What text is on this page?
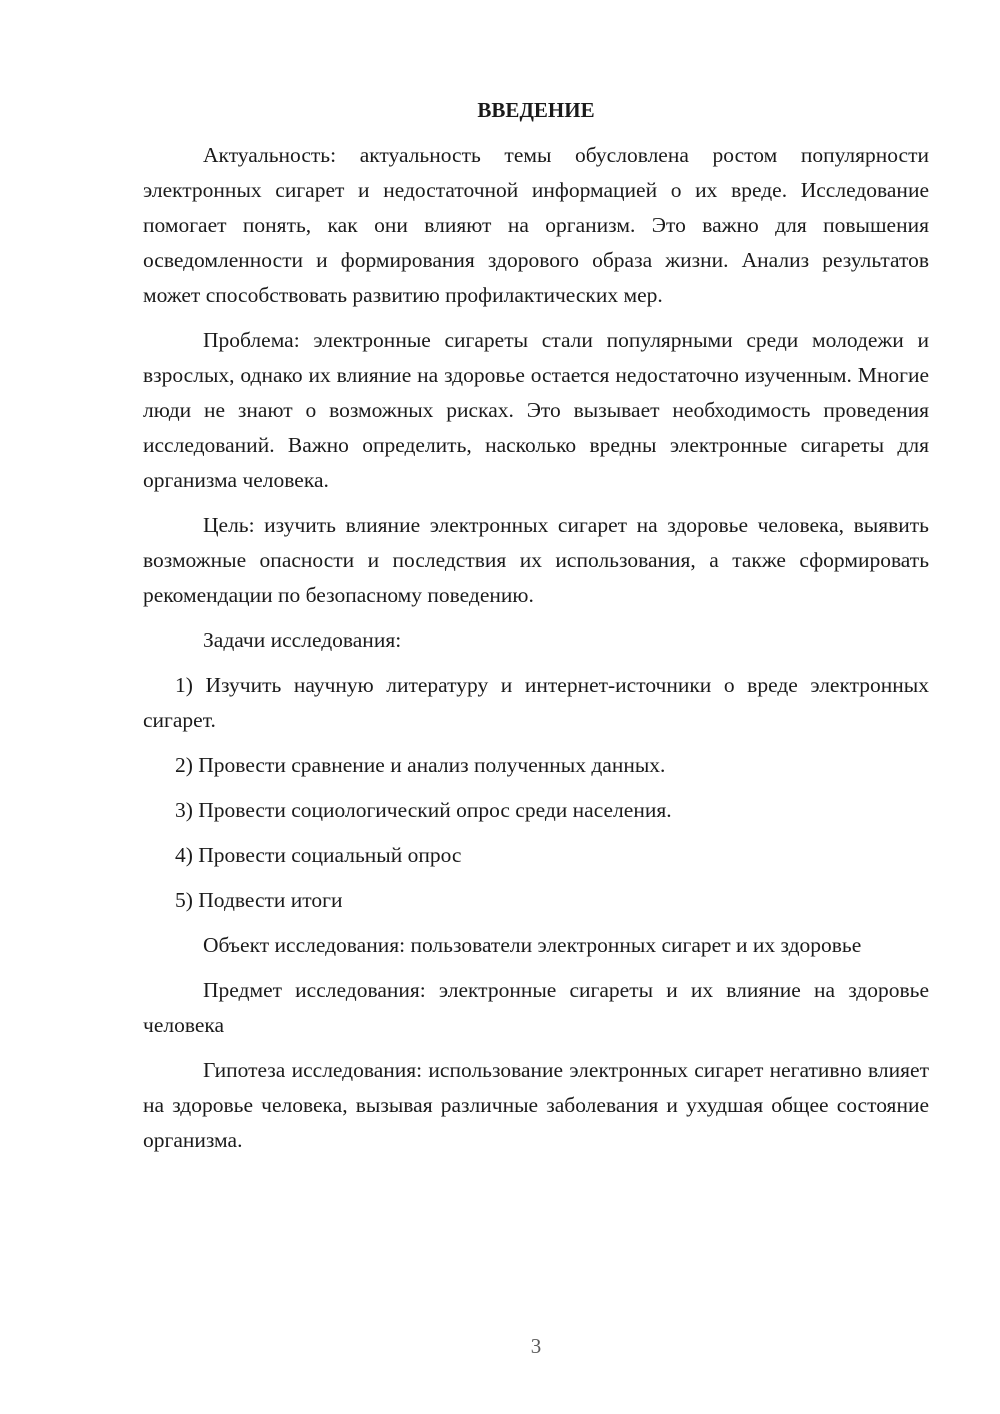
ВВЕДЕНИЕ

Актуальность: актуальность темы обусловлена ростом популярности электронных сигарет и недостаточной информацией о их вреде. Исследование помогает понять, как они влияют на организм. Это важно для повышения осведомленности и формирования здорового образа жизни. Анализ результатов может способствовать развитию профилактических мер.

Проблема: электронные сигареты стали популярными среди молодежи и взрослых, однако их влияние на здоровье остается недостаточно изученным. Многие люди не знают о возможных рисках. Это вызывает необходимость проведения исследований. Важно определить, насколько вредны электронные сигареты для организма человека.

Цель: изучить влияние электронных сигарет на здоровье человека, выявить возможные опасности и последствия их использования, а также сформировать рекомендации по безопасному поведению.

Задачи исследования:

1) Изучить научную литературу и интернет-источники о вреде электронных сигарет.

2) Провести сравнение и анализ полученных данных.

3) Провести социологический опрос среди населения.

4) Провести социальный опрос

5) Подвести итоги

Объект исследования: пользователи электронных сигарет и их здоровье

Предмет исследования: электронные сигареты и их влияние на здоровье человека

Гипотеза исследования: использование электронных сигарет негативно влияет на здоровье человека, вызывая различные заболевания и ухудшая общее состояние организма.

3
